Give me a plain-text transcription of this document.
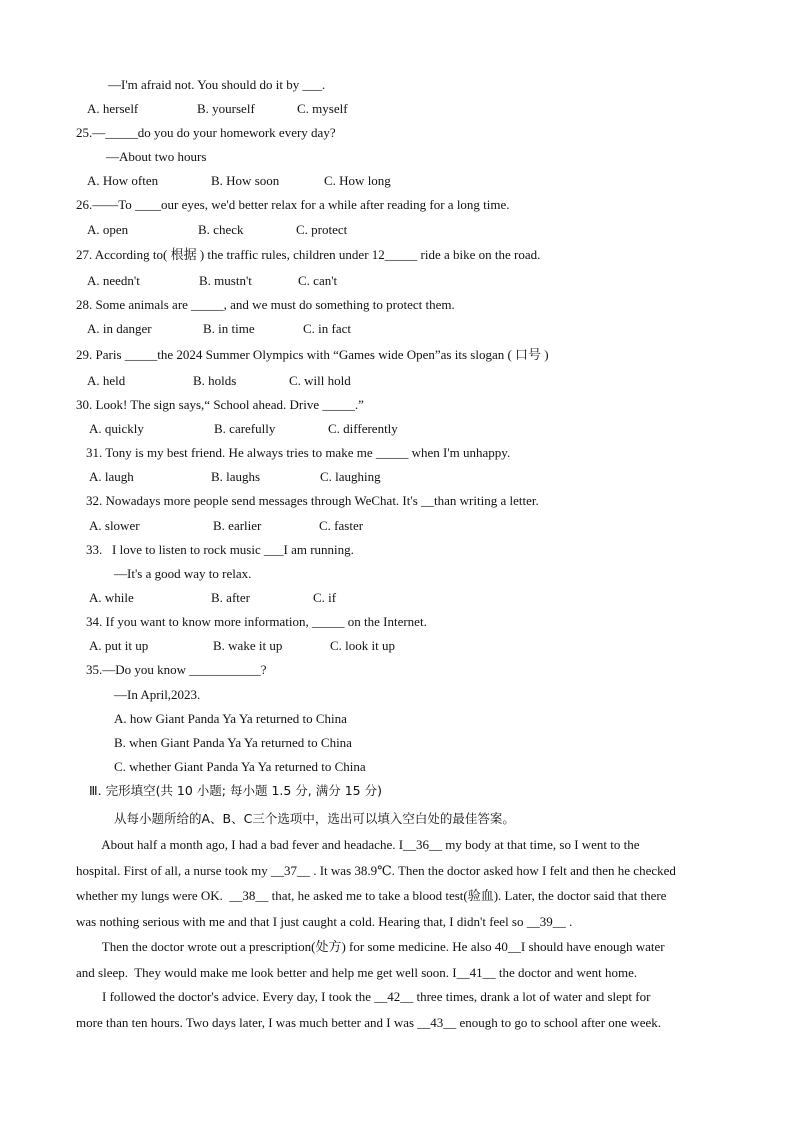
—I'm afraid not. You should do it by ___.
A. herself	B. yourself	C. myself
25.—_____do you do your homework every day?
—About two hours
A. How often	B. How soon	C. How long
26.——To ____our eyes, we'd better relax for a while after reading for a long time.
A. open	B. check	C. protect
27. According to( 根据 ) the traffic rules, children under 12_____ ride a bike on the road.
A. needn't	B. mustn't	C. can't
28. Some animals are _____, and we must do something to protect them.
A. in danger	B. in time	C. in fact
29. Paris _____the 2024 Summer Olympics with “Games wide Open”as its slogan ( 口号 )
A. held	B. holds	C. will hold
30. Look! The sign says,“ School ahead. Drive _____.”
A. quickly	B. carefully	C. differently
31. Tony is my best friend. He always tries to make me _____ when I'm unhappy.
A. laugh	B. laughs	C. laughing
32. Nowadays more people send messages through WeChat. It's __than writing a letter.
A. slower	B. earlier	C. faster
33.   I love to listen to rock music ___I am running.
—It's a good way to relax.
A. while	B. after	C. if
34. If you want to know more information, _____ on the Internet.
A. put it up	B. wake it up	C. look it up
35.—Do you know ___________?
—In April,2023.
A. how Giant Panda Ya Ya returned to China
B. when Giant Panda Ya Ya returned to China
C. whether Giant Panda Ya Ya returned to China
Ⅲ. 完形填空(共 10 小题; 每小题 1.5 分, 满分 15 分)
从每小题所给的A、B、C三个选项中，选出可以填入空白处的最佳答案。
About half a month ago, I had a bad fever and headache. I__36__ my body at that time, so I went to the
hospital. First of all, a nurse took my __37__ . It was 38.9℃. Then the doctor asked how I felt and then he checked
whether my lungs were OK.  __38__ that, he asked me to take a blood test(验血). Later, the doctor said that there
was nothing serious with me and that I just caught a cold. Hearing that, I didn't feel so __39__ .
Then the doctor wrote out a prescription(处方) for some medicine. He also 40__I should have enough water
and sleep.  They would make me look better and help me get well soon. I__41__ the doctor and went home.
I followed the doctor's advice. Every day, I took the __42__ three times, drank a lot of water and slept for
more than ten hours. Two days later, I was much better and I was __43__ enough to go to school after one week.
